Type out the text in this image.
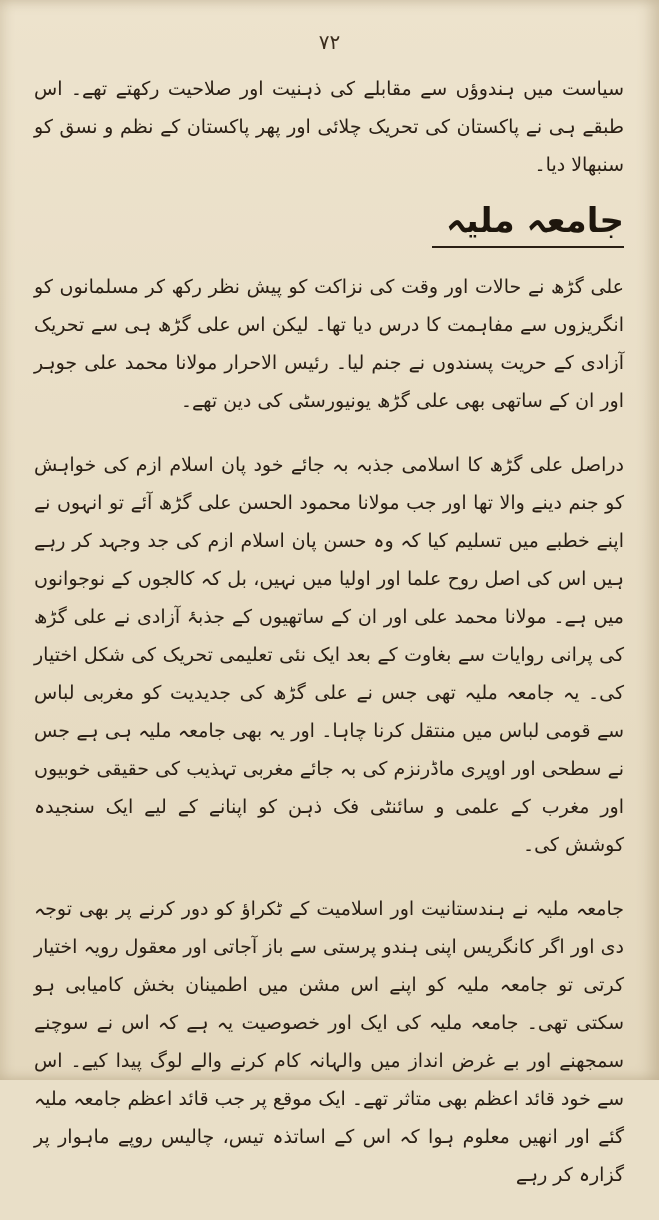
۷۲

سیاست میں ہندوؤں سے مقابلے کی ذہنیت اور صلاحیت رکھتے تھے۔ اس طبقے ہی نے پاکستان کی تحریک چلائی اور پھر پاکستان کے نظم و نسق کو سنبھالا دیا۔

جامعہ ملیہ

علی گڑھ نے حالات اور وقت کی نزاکت کو پیش نظر رکھ کر مسلمانوں کو انگریزوں سے مفاہمت کا درس دیا تھا۔ لیکن اس علی گڑھ ہی سے تحریک آزادی کے حریت پسندوں نے جنم لیا۔ رئیس الاحرار مولانا محمد علی جوہر اور ان کے ساتھی بھی علی گڑھ یونیورسٹی کی دین تھے۔

دراصل علی گڑھ کا اسلامی جذبہ بہ جائے خود پان اسلام ازم کی خواہش کو جنم دینے والا تھا اور جب مولانا محمود الحسن علی گڑھ آئے تو انہوں نے اپنے خطبے میں تسلیم کیا کہ وہ حسن پان اسلام ازم کی جد وجہد کر رہے ہیں اس کی اصل روح علما اور اولیا میں نہیں، بل کہ کالجوں کے نوجوانوں میں ہے۔ مولانا محمد علی اور ان کے ساتھیوں کے جذبۂ آزادی نے علی گڑھ کی پرانی روایات سے بغاوت کے بعد ایک نئی تعلیمی تحریک کی شکل اختیار کی۔ یہ جامعہ ملیہ تھی جس نے علی گڑھ کی جدیدیت کو مغربی لباس سے قومی لباس میں منتقل کرنا چاہا۔ اور یہ بھی جامعہ ملیہ ہی ہے جس نے سطحی اور اوپری ماڈرنزم کی بہ جائے مغربی تہذیب کی حقیقی خوبیوں اور مغرب کے علمی و سائنٹی فک ذہن کو اپنانے کے لیے ایک سنجیدہ کوشش کی۔

جامعہ ملیہ نے ہندستانیت اور اسلامیت کے ٹکراؤ کو دور کرنے پر بھی توجہ دی اور اگر کانگریس اپنی ہندو پرستی سے باز آجاتی اور معقول رویہ اختیار کرتی تو جامعہ ملیہ کو اپنے اس مشن میں اطمینان بخش کامیابی ہو سکتی تھی۔ جامعہ ملیہ کی ایک اور خصوصیت یہ ہے کہ اس نے سوچنے سمجھنے اور بے غرض انداز میں والہانہ کام کرنے والے لوگ پیدا کیے۔ اس سے خود قائد اعظم بھی متاثر تھے۔ ایک موقع پر جب قائد اعظم جامعہ ملیہ گئے اور انھیں معلوم ہوا کہ اس کے اساتذہ تیس، چالیس روپے ماہوار پر گزارہ کر رہے
